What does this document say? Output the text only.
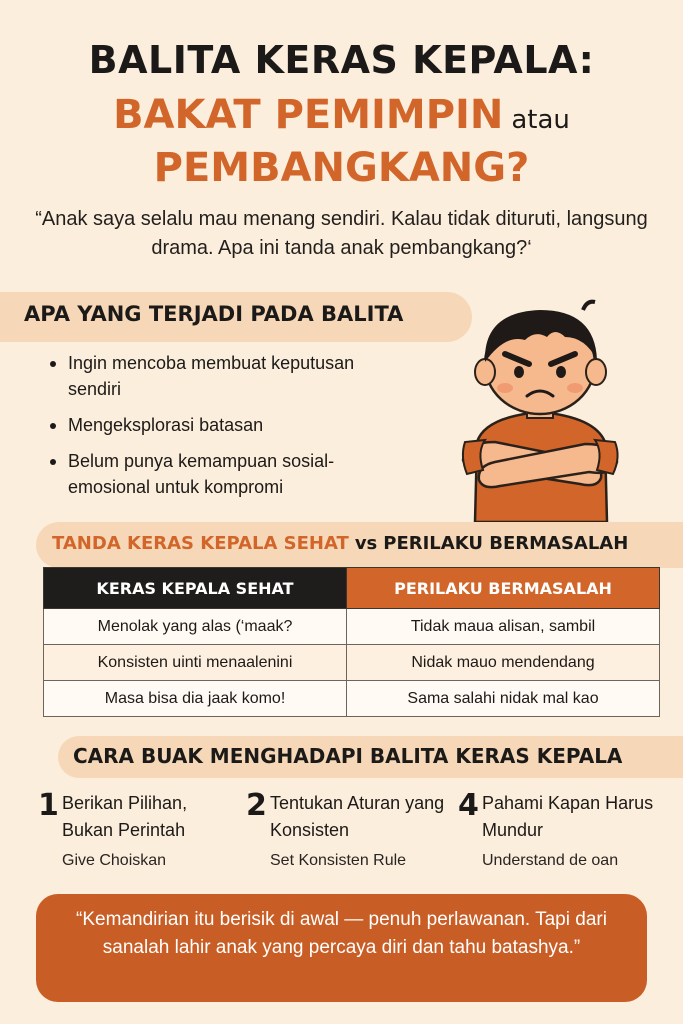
BALITA KERAS KEPALA:
BAKAT PEMIMPIN atau
PEMBANGKANG?
“Anak saya selalu mau menang sendiri. Kalau tidak dituruti, langsung drama. Apa ini tanda anak pembangkang?‘
APA YANG TERJADI PADA BALITA
Ingin mencoba membuat keputusan sendiri
Mengeksplorasi batasan
Belum punya kemampuan sosial-emosional untuk kompromi
TANDA KERAS KEPALA SEHAT vs PERILAKU BERMASALAH
KERAS KEPALA SEHAT	PERILAKU BERMASALAH
Menolak yang alas (‘maak?	Tidak maua alisan, sambil
Konsisten uinti menaalenini	Nidak mauo mendendang
Masa bisa dia jaak komo!	Sama salahi nidak mal kao
CARA BUAK MENGHADAPI BALITA KERAS KEPALA
1 Berikan Pilihan, Bukan Perintah
Give Choiskan
2 Tentukan Aturan yang Konsisten
Set Konsisten Rule
4 Pahami Kapan Harus Mundur
Understand de oan
“Kemandirian itu berisik di awal — penuh perlawanan. Tapi dari sanalah lahir anak yang percaya diri dan tahu batashya.”
